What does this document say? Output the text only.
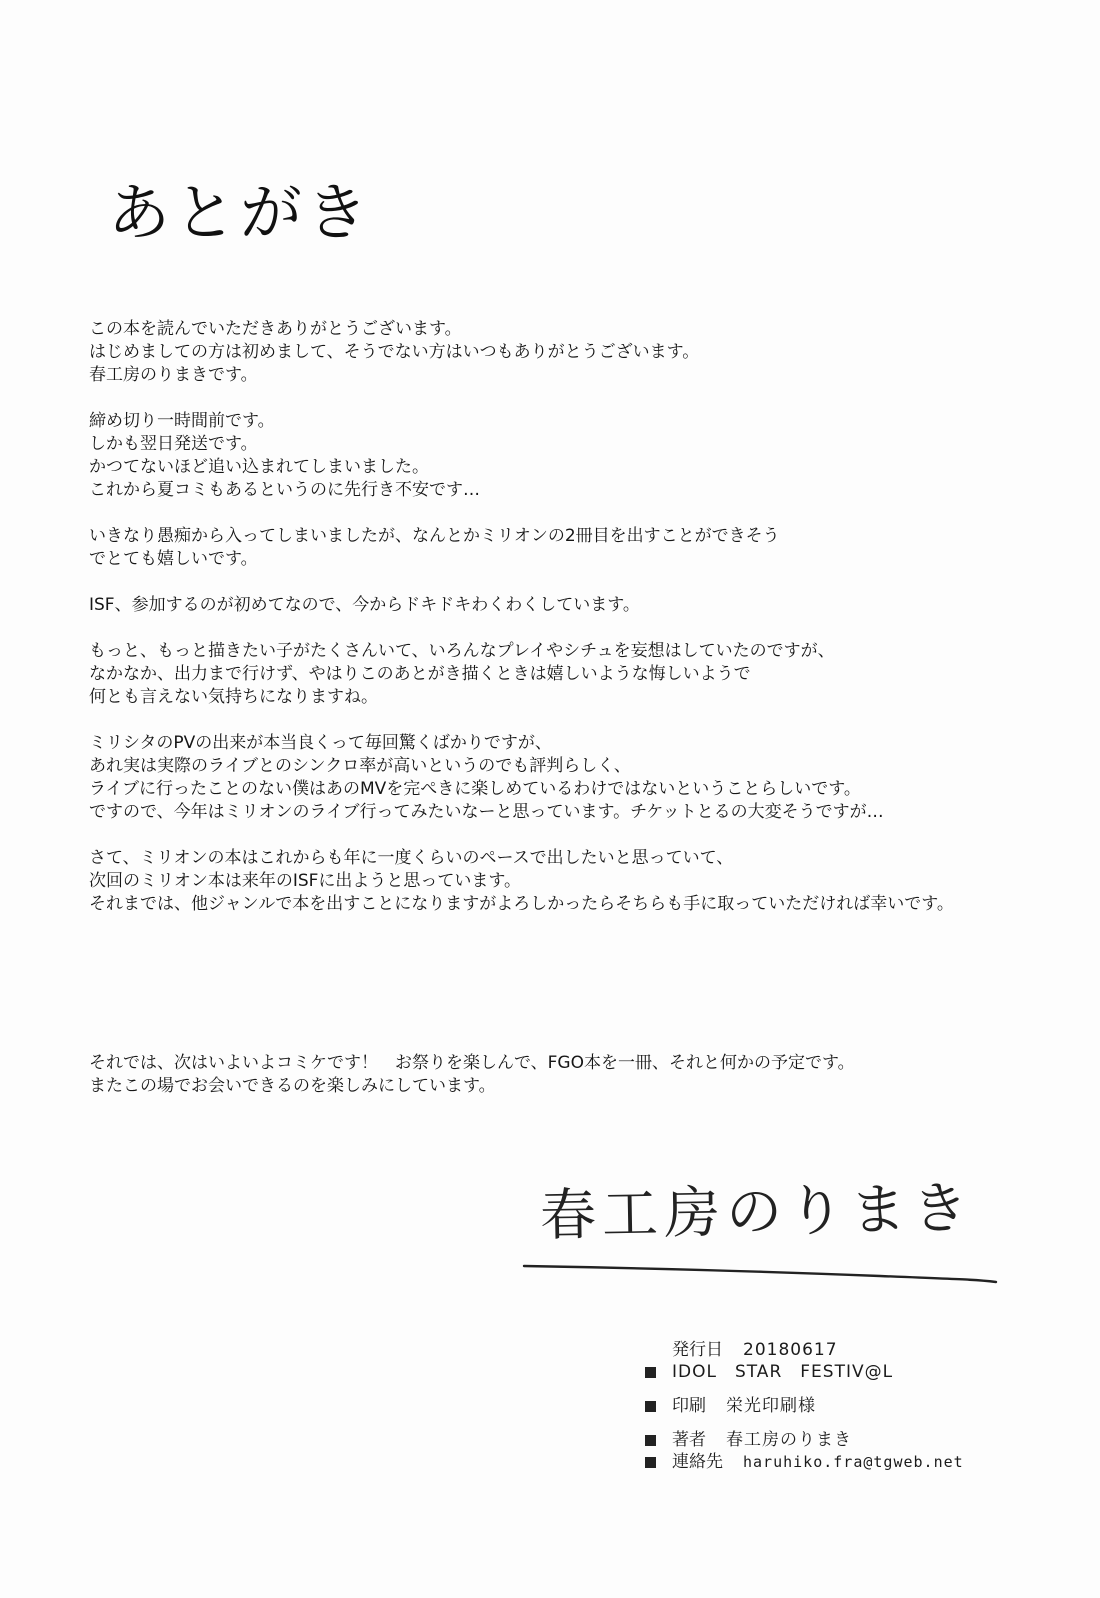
あとがき
この本を読んでいただきありがとうございます。
はじめましての方は初めまして、そうでない方はいつもありがとうございます。
春工房のりまきです。
締め切り一時間前です。
しかも翌日発送です。
かつてないほど追い込まれてしまいました。
これから夏コミもあるというのに先行き不安です…
いきなり愚痴から入ってしまいましたが、なんとかミリオンの2冊目を出すことができそう
でとても嬉しいです。
ISF、参加するのが初めてなので、今からドキドキわくわくしています。
もっと、もっと描きたい子がたくさんいて、いろんなプレイやシチュを妄想はしていたのですが、
なかなか、出力まで行けず、やはりこのあとがき描くときは嬉しいような悔しいようで
何とも言えない気持ちになりますね。
ミリシタのPVの出来が本当良くって毎回驚くばかりですが、
あれ実は実際のライブとのシンクロ率が高いというのでも評判らしく、
ライブに行ったことのない僕はあのMVを完ぺきに楽しめているわけではないということらしいです。
ですので、今年はミリオンのライブ行ってみたいなーと思っています。チケットとるの大変そうですが…
さて、ミリオンの本はこれからも年に一度くらいのペースで出したいと思っていて、
次回のミリオン本は来年のISFに出ようと思っています。
それまでは、他ジャンルで本を出すことになりますがよろしかったらそちらも手に取っていただければ幸いです。
それでは、次はいよいよコミケです！　お祭りを楽しんで、FGO本を一冊、それと何かの予定です。
またこの場でお会いできるのを楽しみにしています。
春工房のりまき
発行日 20180617
IDOL　STAR　FESTIV@L
印刷 栄光印刷様
著者 春工房のりまき
連絡先 haruhiko.fra@tgweb.net
